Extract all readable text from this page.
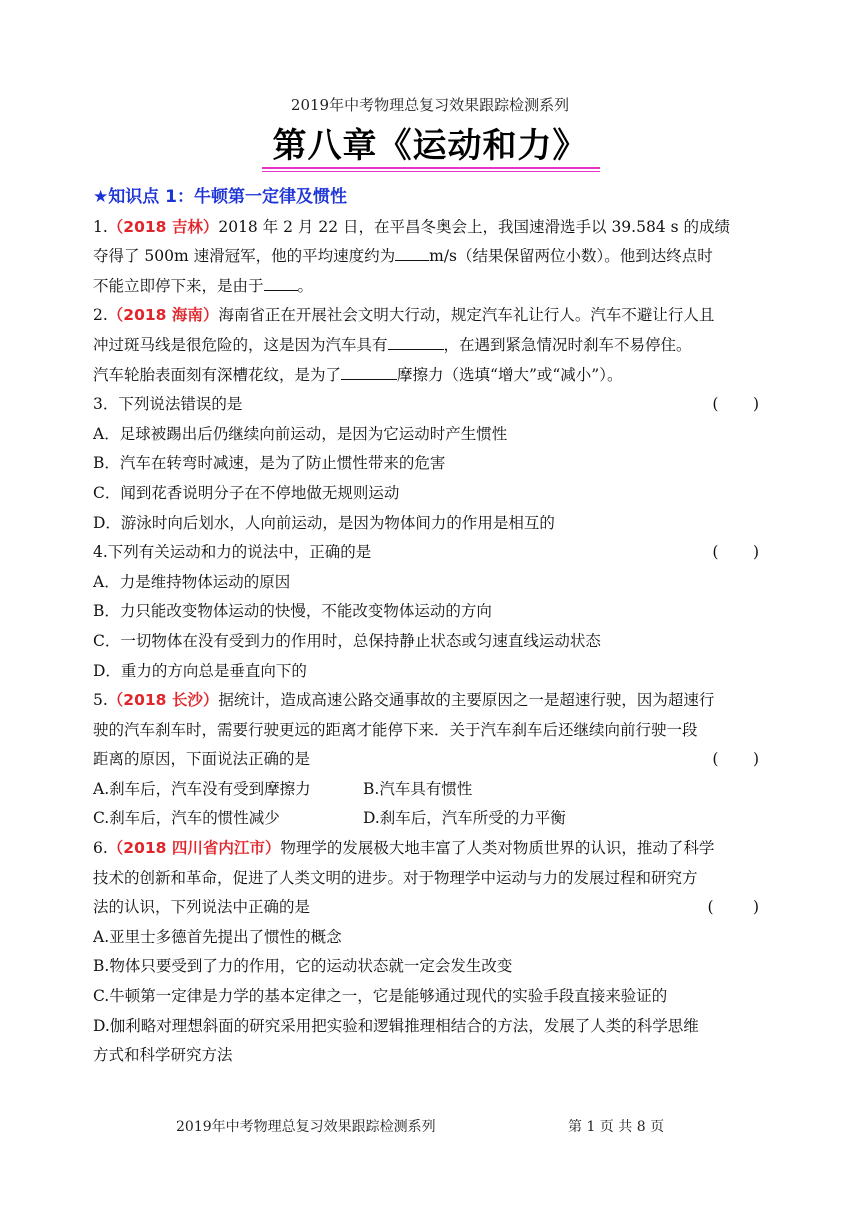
2019年中考物理总复习效果跟踪检测系列
第八章《运动和力》

★知识点 1：牛顿第一定律及惯性

1.（2018 吉林）2018 年 2 月 22 日，在平昌冬奥会上，我国速滑选手以 39.584 s 的成绩

夺得了 500m 速滑冠军，他的平均速度约为 m/s（结果保留两位小数）。他到达终点时

不能立即停下来，是由于 。

2.（2018 海南）海南省正在开展社会文明大行动，规定汽车礼让行人。汽车不避让行人且

冲过斑马线是很危险的，这是因为汽车具有	，在遇到紧急情况时刹车不易停住。

汽车轮胎表面刻有深槽花纹，是为了	摩擦力（选填“增大”或“减小”）。

3．下列说法错误的是	(       )

A．足球被踢出后仍继续向前运动，是因为它运动时产生惯性

B．汽车在转弯时减速，是为了防止惯性带来的危害

C．闻到花香说明分子在不停地做无规则运动

D．游泳时向后划水，人向前运动，是因为物体间力的作用是相互的

4.下列有关运动和力的说法中，正确的是	(       )

A．力是维持物体运动的原因

B．力只能改变物体运动的快慢，不能改变物体运动的方向

C．一切物体在没有受到力的作用时，总保持静止状态或匀速直线运动状态

D．重力的方向总是垂直向下的

5.（2018 长沙）据统计，造成高速公路交通事故的主要原因之一是超速行驶，因为超速行

驶的汽车刹车时，需要行驶更远的距离才能停下来．关于汽车刹车后还继续向前行驶一段

距离的原因，下面说法正确的是	(       )

A.刹车后，汽车没有受到摩擦力	B.汽车具有惯性

C.刹车后，汽车的惯性减少	D.刹车后，汽车所受的力平衡

6.（2018 四川省内江市）物理学的发展极大地丰富了人类对物质世界的认识，推动了科学

技术的创新和革命，促进了人类文明的进步。对于物理学中运动与力的发展过程和研究方

法的认识，下列说法中正确的是	(        )

A.亚里士多德首先提出了惯性的概念

B.物体只要受到了力的作用，它的运动状态就一定会发生改变

C.牛顿第一定律是力学的基本定律之一，它是能够通过现代的实验手段直接来验证的

D.伽利略对理想斜面的研究采用把实验和逻辑推理相结合的方法，发展了人类的科学思维

方式和科学研究方法

2019年中考物理总复习效果跟踪检测系列	第 1 页 共 8 页
